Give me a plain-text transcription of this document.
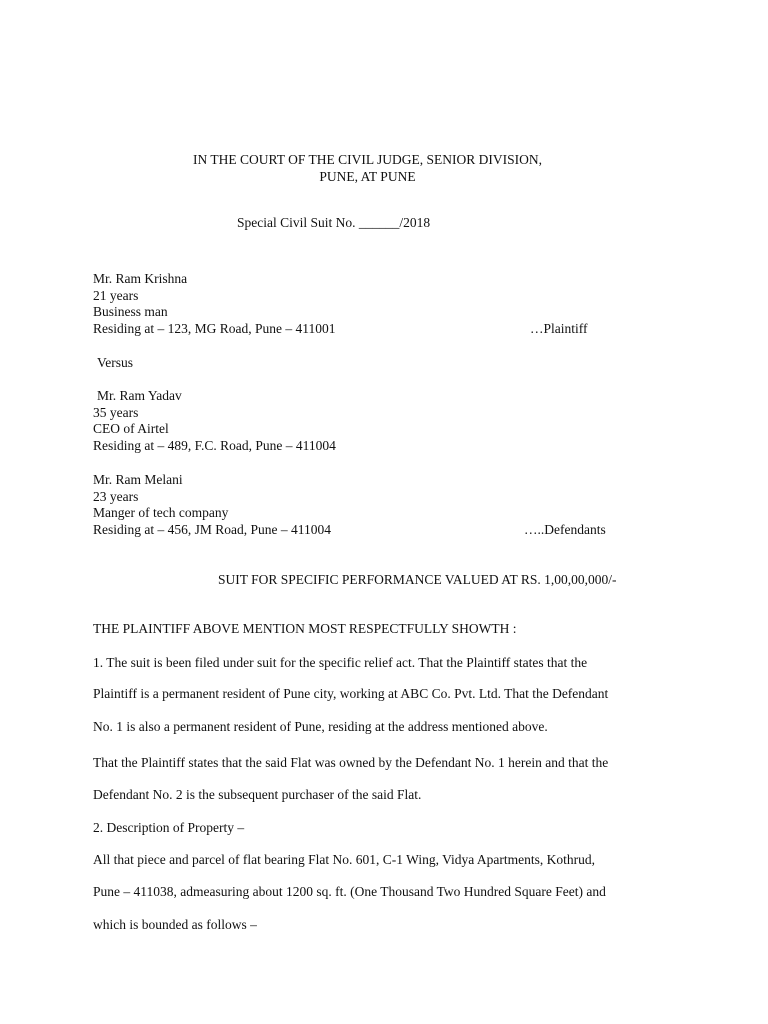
IN THE COURT OF THE CIVIL JUDGE, SENIOR DIVISION,
PUNE, AT PUNE
Special Civil Suit No. ______/2018
Mr. Ram Krishna
21 years
Business man
Residing at – 123, MG Road, Pune – 411001	…Plaintiff
Versus
Mr. Ram Yadav
35 years
CEO of Airtel
Residing at – 489, F.C. Road, Pune – 411004
Mr. Ram Melani
23 years
Manger of tech company
Residing at – 456, JM Road, Pune – 411004	…..Defendants
SUIT FOR SPECIFIC PERFORMANCE VALUED AT RS. 1,00,00,000/-
THE PLAINTIFF ABOVE MENTION MOST RESPECTFULLY SHOWTH :
1. The suit is been filed under suit for the specific relief act. That the Plaintiff states that the
Plaintiff is a permanent resident of Pune city, working at ABC Co. Pvt. Ltd. That the Defendant
No. 1 is also a permanent resident of Pune, residing at the address mentioned above.
That the Plaintiff states that the said Flat was owned by the Defendant No. 1 herein and that the
Defendant No. 2 is the subsequent purchaser of the said Flat.
2. Description of Property –
All that piece and parcel of flat bearing Flat No. 601, C-1 Wing, Vidya Apartments, Kothrud,
Pune – 411038, admeasuring about 1200 sq. ft. (One Thousand Two Hundred Square Feet) and
which is bounded as follows –
